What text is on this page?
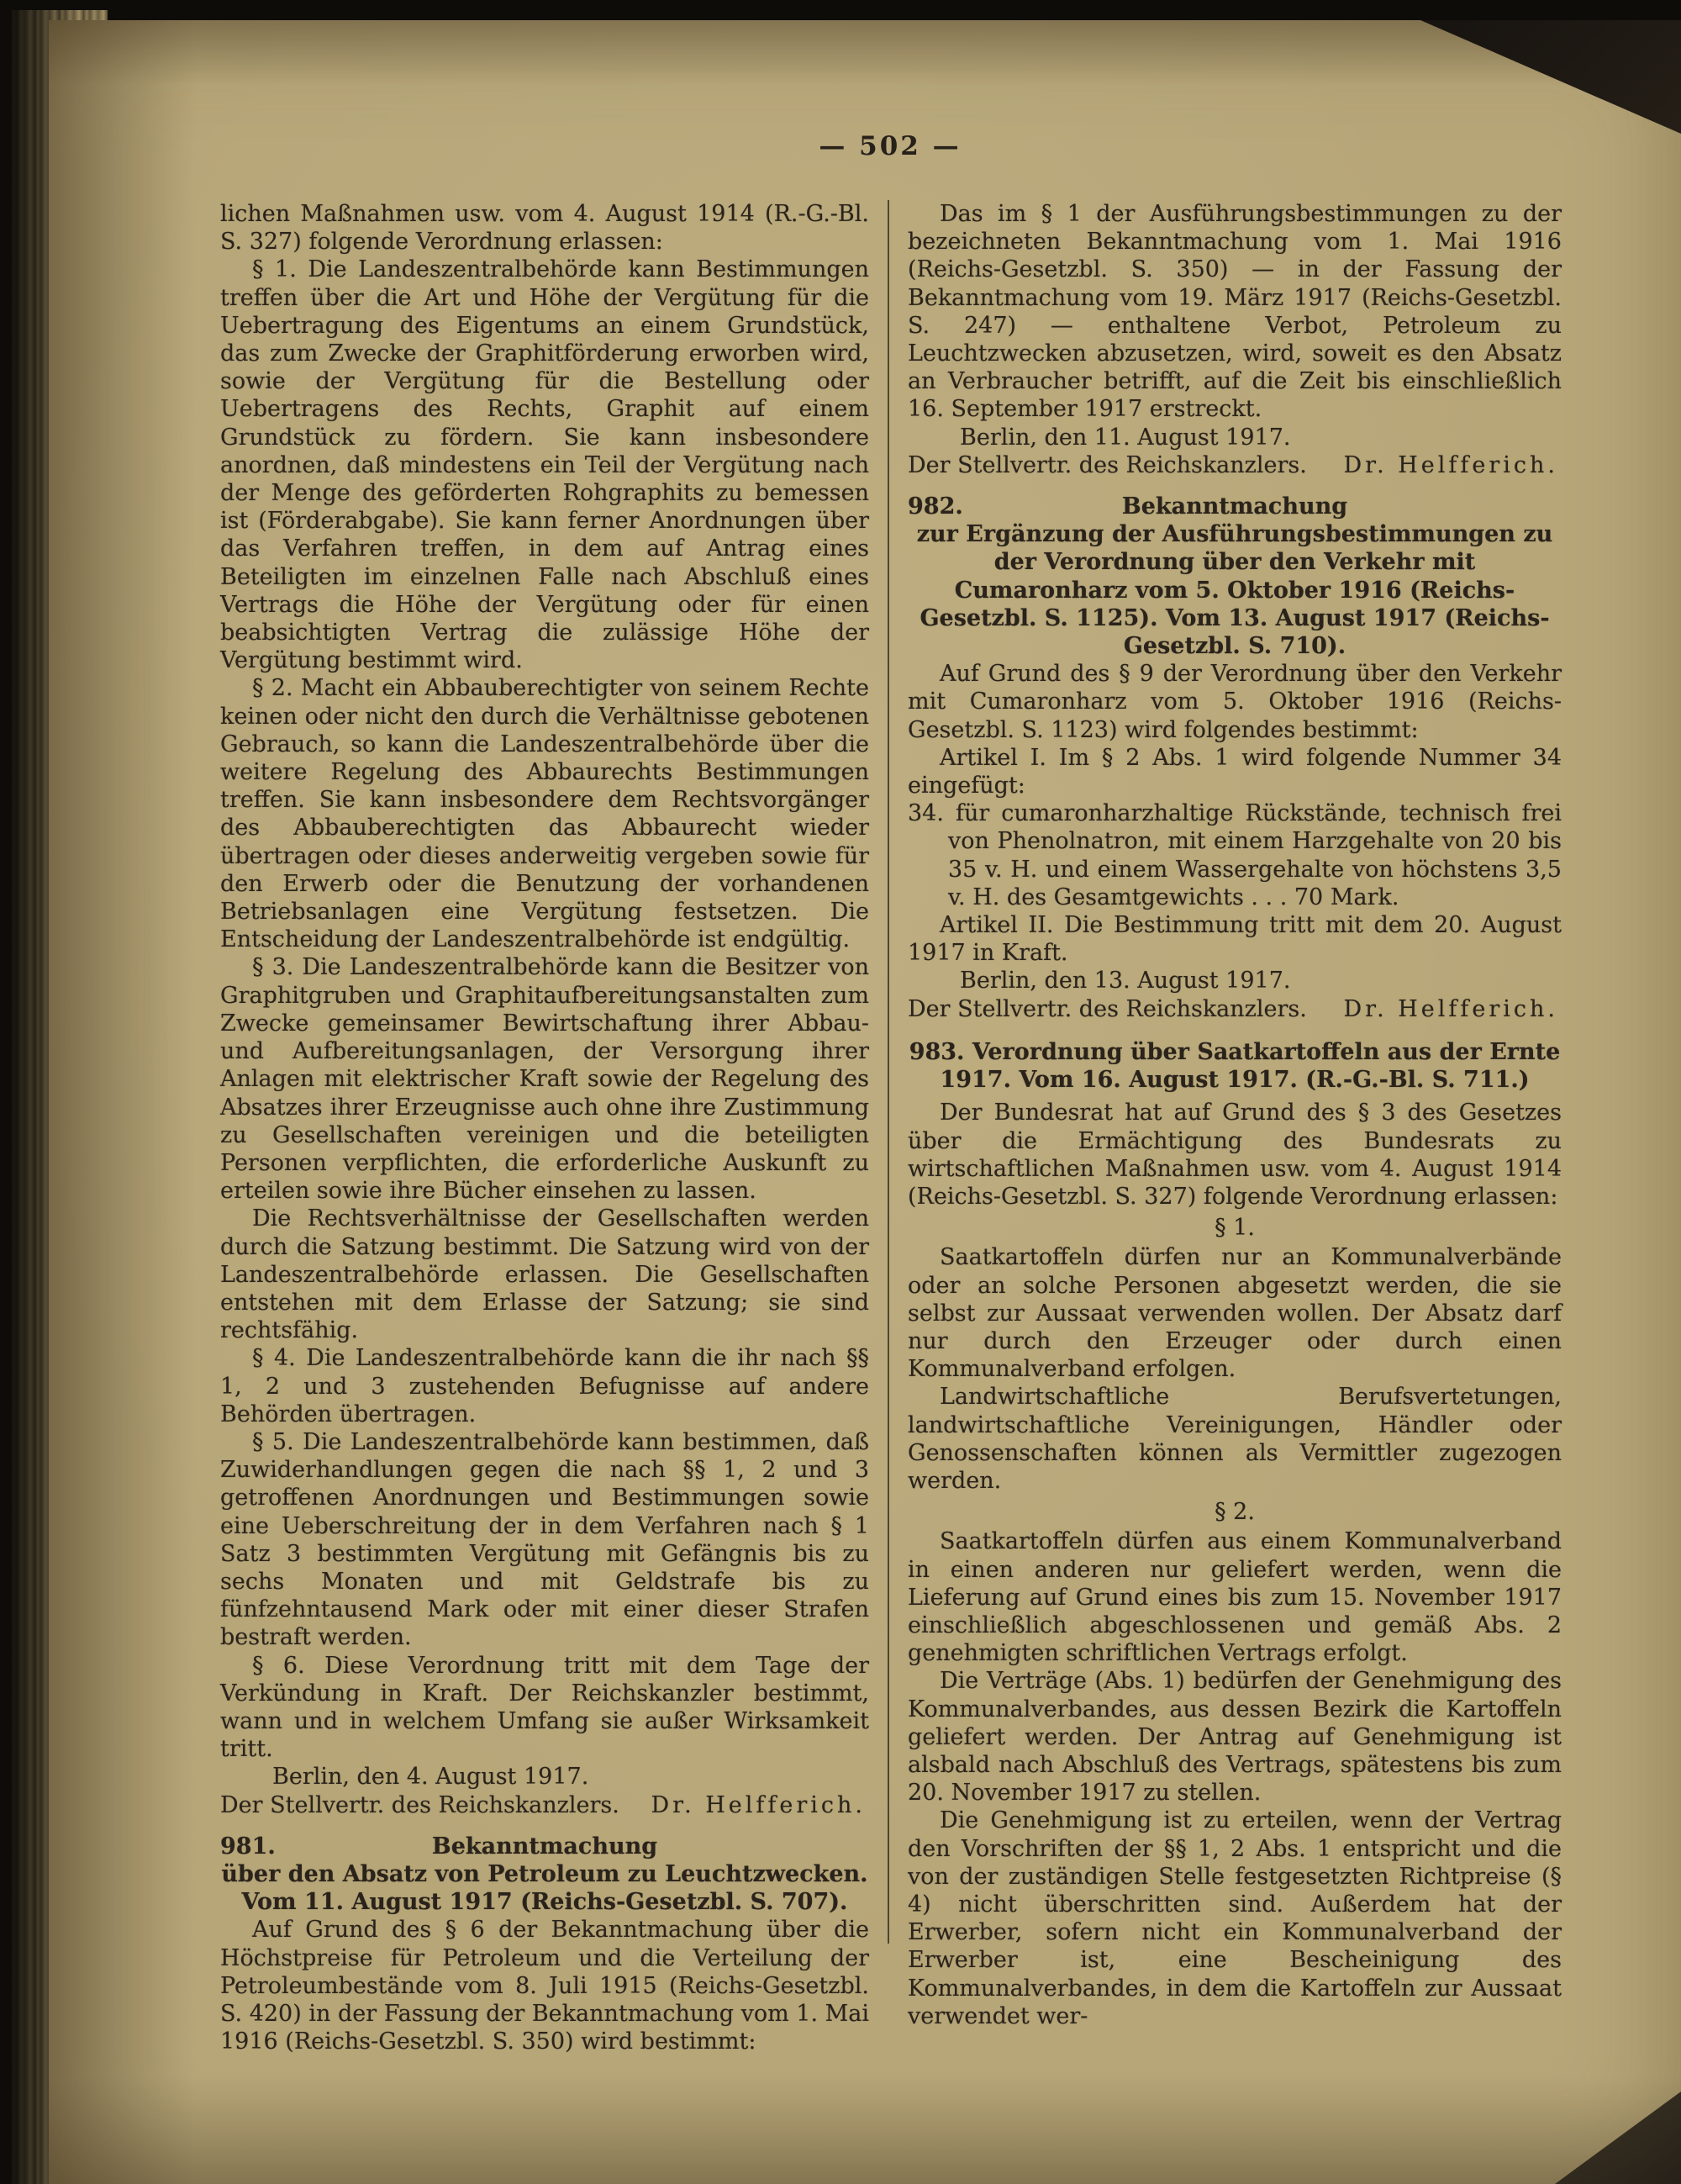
— 502 —
lichen Maßnahmen usw. vom 4. August 1914 (R.-G.-Bl. S. 327) folgende Verordnung erlassen:
§ 1. Die Landeszentralbehörde kann Bestimmungen treffen über die Art und Höhe der Vergütung für die Uebertragung des Eigentums an einem Grundstück, das zum Zwecke der Graphitförderung erworben wird, sowie der Vergütung für die Bestellung oder Uebertragens des Rechts, Graphit auf einem Grundstück zu fördern. Sie kann insbesondere anordnen, daß mindestens ein Teil der Vergütung nach der Menge des geförderten Rohgraphits zu bemessen ist (Förderabgabe). Sie kann ferner Anordnungen über das Verfahren treffen, in dem auf Antrag eines Beteiligten im einzelnen Falle nach Abschluß eines Vertrags die Höhe der Vergütung oder für einen beabsichtigten Vertrag die zulässige Höhe der Vergütung bestimmt wird.
§ 2. Macht ein Abbauberechtigter von seinem Rechte keinen oder nicht den durch die Verhältnisse gebotenen Gebrauch, so kann die Landeszentralbehörde über die weitere Regelung des Abbaurechts Bestimmungen treffen. Sie kann insbesondere dem Rechtsvorgänger des Abbauberechtigten das Abbaurecht wieder übertragen oder dieses anderweitig vergeben sowie für den Erwerb oder die Benutzung der vorhandenen Betriebsanlagen eine Vergütung festsetzen. Die Entscheidung der Landeszentralbehörde ist endgültig.
§ 3. Die Landeszentralbehörde kann die Besitzer von Graphitgruben und Graphitaufbereitungsanstalten zum Zwecke gemeinsamer Bewirtschaftung ihrer Abbau- und Aufbereitungsanlagen, der Versorgung ihrer Anlagen mit elektrischer Kraft sowie der Regelung des Absatzes ihrer Erzeugnisse auch ohne ihre Zustimmung zu Gesellschaften vereinigen und die beteiligten Personen verpflichten, die erforderliche Auskunft zu erteilen sowie ihre Bücher einsehen zu lassen.
Die Rechtsverhältnisse der Gesellschaften werden durch die Satzung bestimmt. Die Satzung wird von der Landeszentralbehörde erlassen. Die Gesellschaften entstehen mit dem Erlasse der Satzung; sie sind rechtsfähig.
§ 4. Die Landeszentralbehörde kann die ihr nach §§ 1, 2 und 3 zustehenden Befugnisse auf andere Behörden übertragen.
§ 5. Die Landeszentralbehörde kann bestimmen, daß Zuwiderhandlungen gegen die nach §§ 1, 2 und 3 getroffenen Anordnungen und Bestimmungen sowie eine Ueberschreitung der in dem Verfahren nach § 1 Satz 3 bestimmten Vergütung mit Gefängnis bis zu sechs Monaten und mit Geldstrafe bis zu fünfzehntausend Mark oder mit einer dieser Strafen bestraft werden.
§ 6. Diese Verordnung tritt mit dem Tage der Verkündung in Kraft. Der Reichskanzler bestimmt, wann und in welchem Umfang sie außer Wirksamkeit tritt.
Berlin, den 4. August 1917.
Der Stellvertr. des Reichskanzlers. Dr. Helfferich.
981.	Bekanntmachung
über den Absatz von Petroleum zu Leuchtzwecken.
Vom 11. August 1917 (Reichs-Gesetzbl. S. 707).
Auf Grund des § 6 der Bekanntmachung über die Höchstpreise für Petroleum und die Verteilung der Petroleumbestände vom 8. Juli 1915 (Reichs-Gesetzbl. S. 420) in der Fassung der Bekanntmachung vom 1. Mai 1916 (Reichs-Gesetzbl. S. 350) wird bestimmt:
Das im § 1 der Ausführungsbestimmungen zu der bezeichneten Bekanntmachung vom 1. Mai 1916 (Reichs-Gesetzbl. S. 350) — in der Fassung der Bekanntmachung vom 19. März 1917 (Reichs-Gesetzbl. S. 247) — enthaltene Verbot, Petroleum zu Leuchtzwecken abzusetzen, wird, soweit es den Absatz an Verbraucher betrifft, auf die Zeit bis einschließlich 16. September 1917 erstreckt.
Berlin, den 11. August 1917.
Der Stellvertr. des Reichskanzlers. Dr. Helfferich.
982.	Bekanntmachung
zur Ergänzung der Ausführungsbestimmungen zu der Verordnung über den Verkehr mit Cumaronharz vom 5. Oktober 1916 (Reichs-Gesetzbl. S. 1125). Vom 13. August 1917 (Reichs-Gesetzbl. S. 710).
Auf Grund des § 9 der Verordnung über den Verkehr mit Cumaronharz vom 5. Oktober 1916 (Reichs-Gesetzbl. S. 1123) wird folgendes bestimmt:
Artikel I. Im § 2 Abs. 1 wird folgende Nummer 34 eingefügt:
34. für cumaronharzhaltige Rückstände, technisch frei von Phenolnatron, mit einem Harzgehalte von 20 bis 35 v. H. und einem Wassergehalte von höchstens 3,5 v. H. des Gesamtgewichts . . . 70 Mark.
Artikel II. Die Bestimmung tritt mit dem 20. August 1917 in Kraft.
Berlin, den 13. August 1917.
Der Stellvertr. des Reichskanzlers. Dr. Helfferich.
983. Verordnung über Saatkartoffeln aus der Ernte 1917. Vom 16. August 1917. (R.-G.-Bl. S. 711.)
Der Bundesrat hat auf Grund des § 3 des Gesetzes über die Ermächtigung des Bundesrats zu wirtschaftlichen Maßnahmen usw. vom 4. August 1914 (Reichs-Gesetzbl. S. 327) folgende Verordnung erlassen:
§ 1.
Saatkartoffeln dürfen nur an Kommunalverbände oder an solche Personen abgesetzt werden, die sie selbst zur Aussaat verwenden wollen. Der Absatz darf nur durch den Erzeuger oder durch einen Kommunalverband erfolgen.
Landwirtschaftliche Berufsvertetungen, landwirtschaftliche Vereinigungen, Händler oder Genossenschaften können als Vermittler zugezogen werden.
§ 2.
Saatkartoffeln dürfen aus einem Kommunalverband in einen anderen nur geliefert werden, wenn die Lieferung auf Grund eines bis zum 15. November 1917 einschließlich abgeschlossenen und gemäß Abs. 2 genehmigten schriftlichen Vertrags erfolgt.
Die Verträge (Abs. 1) bedürfen der Genehmigung des Kommunalverbandes, aus dessen Bezirk die Kartoffeln geliefert werden. Der Antrag auf Genehmigung ist alsbald nach Abschluß des Vertrags, spätestens bis zum 20. November 1917 zu stellen.
Die Genehmigung ist zu erteilen, wenn der Vertrag den Vorschriften der §§ 1, 2 Abs. 1 entspricht und die von der zuständigen Stelle festgesetzten Richtpreise (§ 4) nicht überschritten sind. Außerdem hat der Erwerber, sofern nicht ein Kommunalverband der Erwerber ist, eine Bescheinigung des Kommunalverbandes, in dem die Kartoffeln zur Aussaat verwendet wer-
